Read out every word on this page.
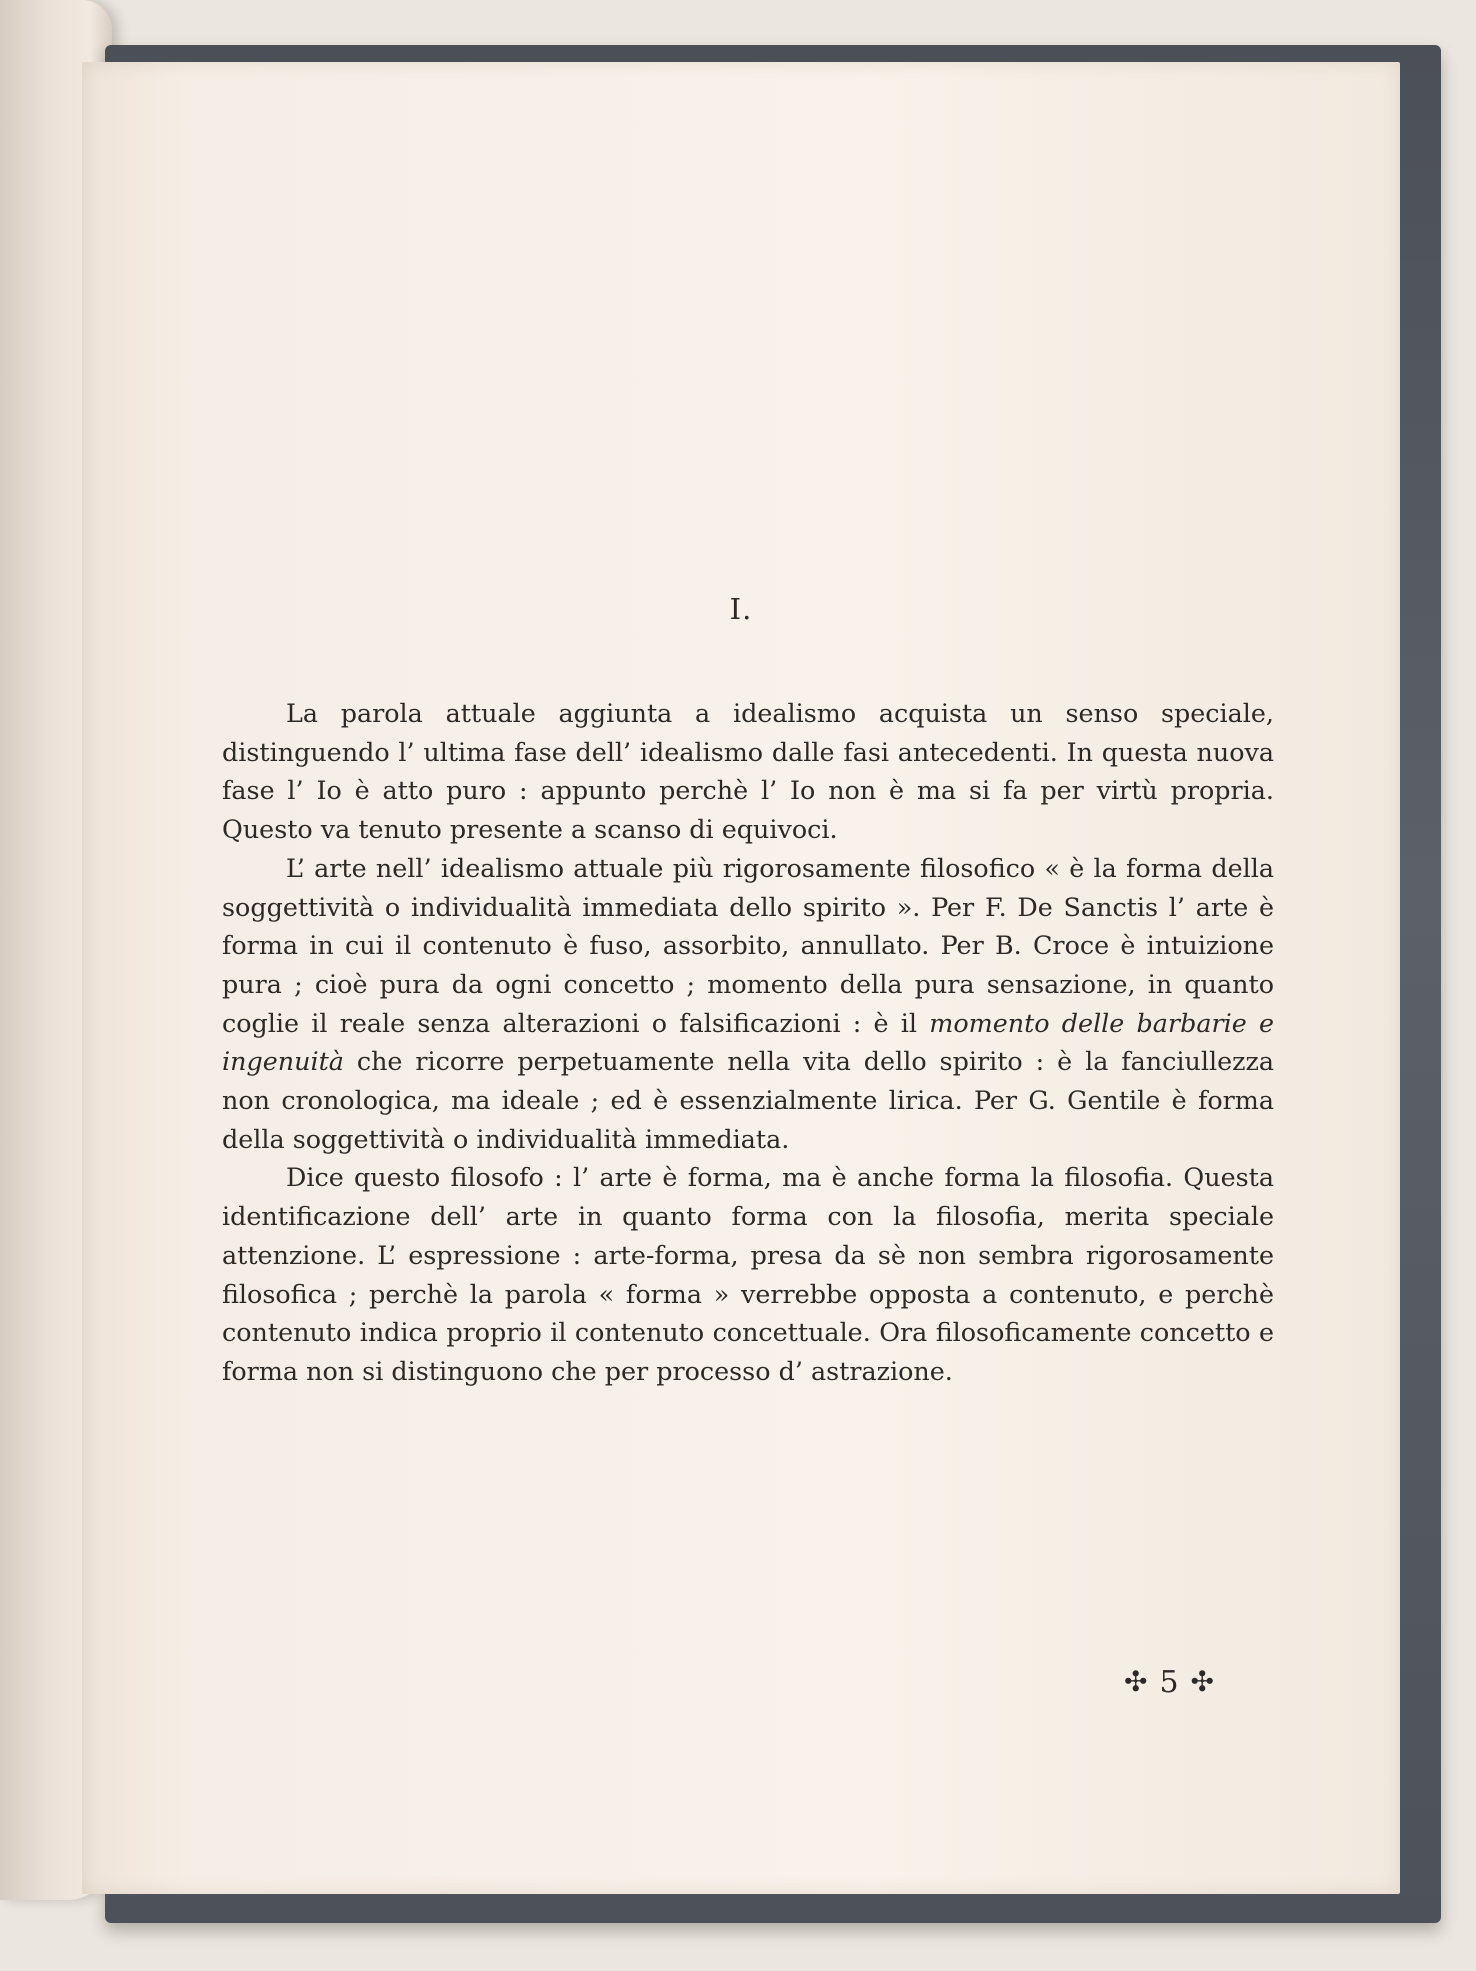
I.

La parola attuale aggiunta a idealismo acquista un senso speciale, distinguendo l’ ultima fase dell’ idealismo dalle fasi antecedenti. In questa nuova fase l’ Io è atto puro : appunto perchè l’ Io non è ma si fa per virtù propria. Questo va tenuto presente a scanso di equivoci.

L’ arte nell’ idealismo attuale più rigorosamente filosofico « è la forma della soggettività o individualità immediata dello spirito ». Per F. De Sanctis l’ arte è forma in cui il contenuto è fuso, assorbito, annullato. Per B. Croce è intuizione pura ; cioè pura da ogni concetto ; momento della pura sensazione, in quanto coglie il reale senza alterazioni o falsificazioni : è il momento delle barbarie e ingenuità che ricorre perpetuamente nella vita dello spirito : è la fanciullezza non cronologica, ma ideale ; ed è essenzialmente lirica. Per G. Gentile è forma della soggettività o individualità immediata.

Dice questo filosofo : l’ arte è forma, ma è anche forma la filosofia. Questa identificazione dell’ arte in quanto forma con la filosofia, merita speciale attenzione. L’ espressione : arte-forma, presa da sè non sembra rigorosamente filosofica ; perchè la parola « forma » verrebbe opposta a contenuto, e perchè contenuto indica proprio il contenuto concettuale. Ora filosoficamente concetto e forma non si distinguono che per processo d’ astrazione.

✣ 5 ✣
